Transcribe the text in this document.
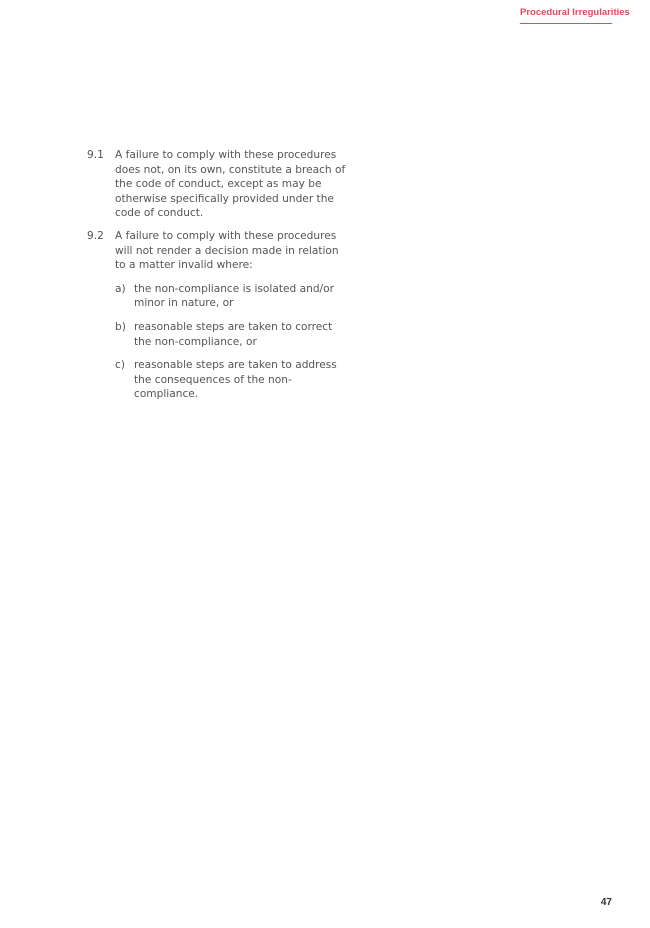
Procedural Irregularities
9.1 A failure to comply with these procedures does not, on its own, constitute a breach of the code of conduct, except as may be otherwise specifically provided under the code of conduct.
9.2 A failure to comply with these procedures will not render a decision made in relation to a matter invalid where:
a) the non-compliance is isolated and/or minor in nature, or
b) reasonable steps are taken to correct the non-compliance, or
c) reasonable steps are taken to address the consequences of the non-compliance.
47
